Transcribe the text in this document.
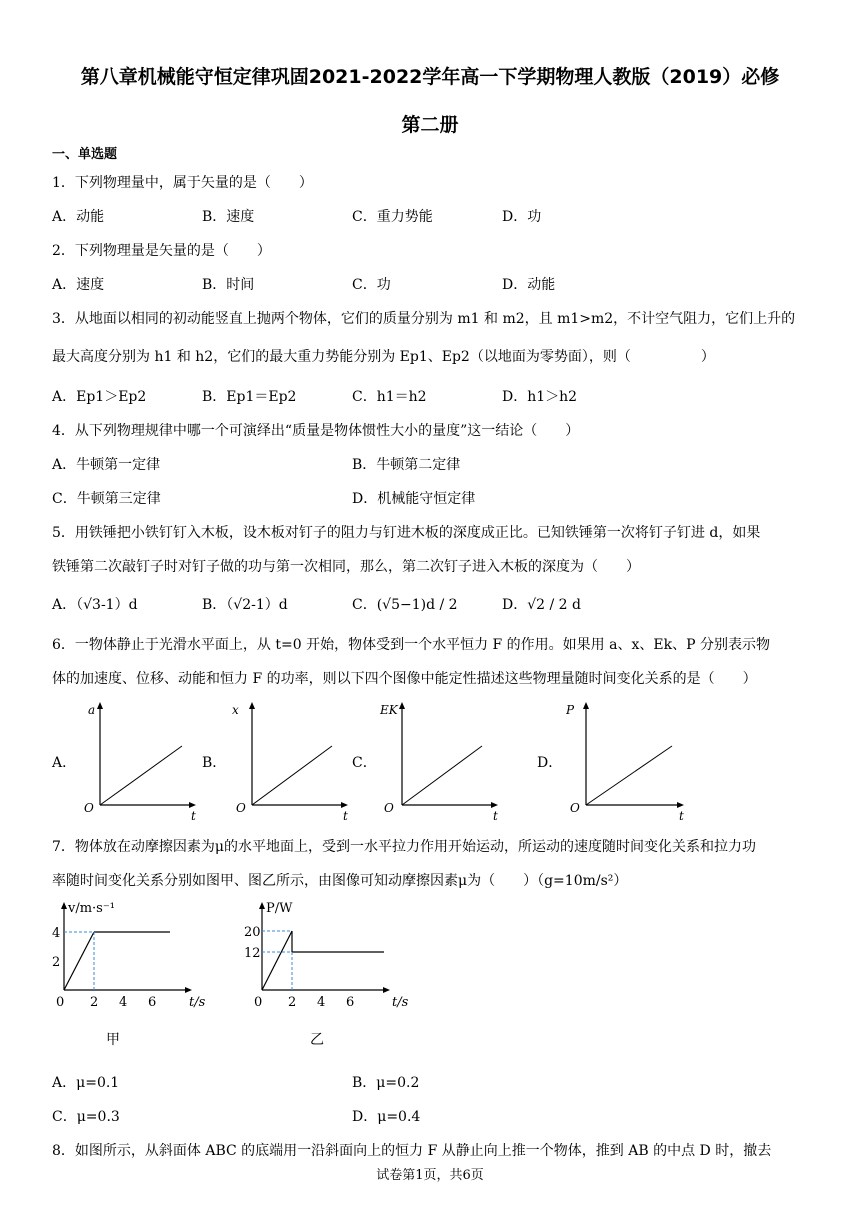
第八章机械能守恒定律巩固2021-2022学年高一下学期物理人教版（2019）必修
第二册
一、单选题
1．下列物理量中，属于矢量的是（　　）
A．动能	B．速度	C．重力势能	D．功
2．下列物理量是矢量的是（　　）
A．速度	B．时间	C．功	D．动能
3．从地面以相同的初动能竖直上抛两个物体，它们的质量分别为 m1 和 m2，且 m1>m2，不计空气阻力，它们上升的
最大高度分别为 h1 和 h2，它们的最大重力势能分别为 Ep1、Ep2（以地面为零势面），则（　　　　　）
A．Ep1＞Ep2	B．Ep1＝Ep2	C．h1＝h2	D．h1＞h2
4．从下列物理规律中哪一个可演绎出“质量是物体惯性大小的量度”这一结论（　　）
A．牛顿第一定律	B．牛顿第二定律
C．牛顿第三定律	D．机械能守恒定律
5．用铁锤把小铁钉钉入木板，设木板对钉子的阻力与钉进木板的深度成正比。已知铁锤第一次将钉子钉进 d，如果
铁锤第二次敲钉子时对钉子做的功与第一次相同，那么，第二次钉子进入木板的深度为（　　）
A．（√3-1）d	B．（√2-1）d	C．(√5−1)d / 2	D．√2 / 2 d
6．一物体静止于光滑水平面上，从 t=0 开始，物体受到一个水平恒力 F 的作用。如果用 a、x、Ek、P 分别表示物
体的加速度、位移、动能和恒力 F 的功率，则以下四个图像中能定性描述这些物理量随时间变化关系的是（　　）
A．	B．	C．	D．
O
t
a
O
t
x
O
t
EK
O
t
P
7．物体放在动摩擦因素为μ的水平地面上，受到一水平拉力作用开始运动，所运动的速度随时间变化关系和拉力功
率随时间变化关系分别如图甲、图乙所示，由图像可知动摩擦因素μ为（　　）（g=10m/s²）
v/m·s⁻¹
4
2
0 2 4 6	t/s
甲
P/W
20
12
0 2 4 6	t/s
乙
A．μ=0.1	B．μ=0.2
C．μ=0.3	D．μ=0.4
8．如图所示，从斜面体 ABC 的底端用一沿斜面向上的恒力 F 从静止向上推一个物体，推到 AB 的中点 D 时，撤去
试卷第1页，共6页
